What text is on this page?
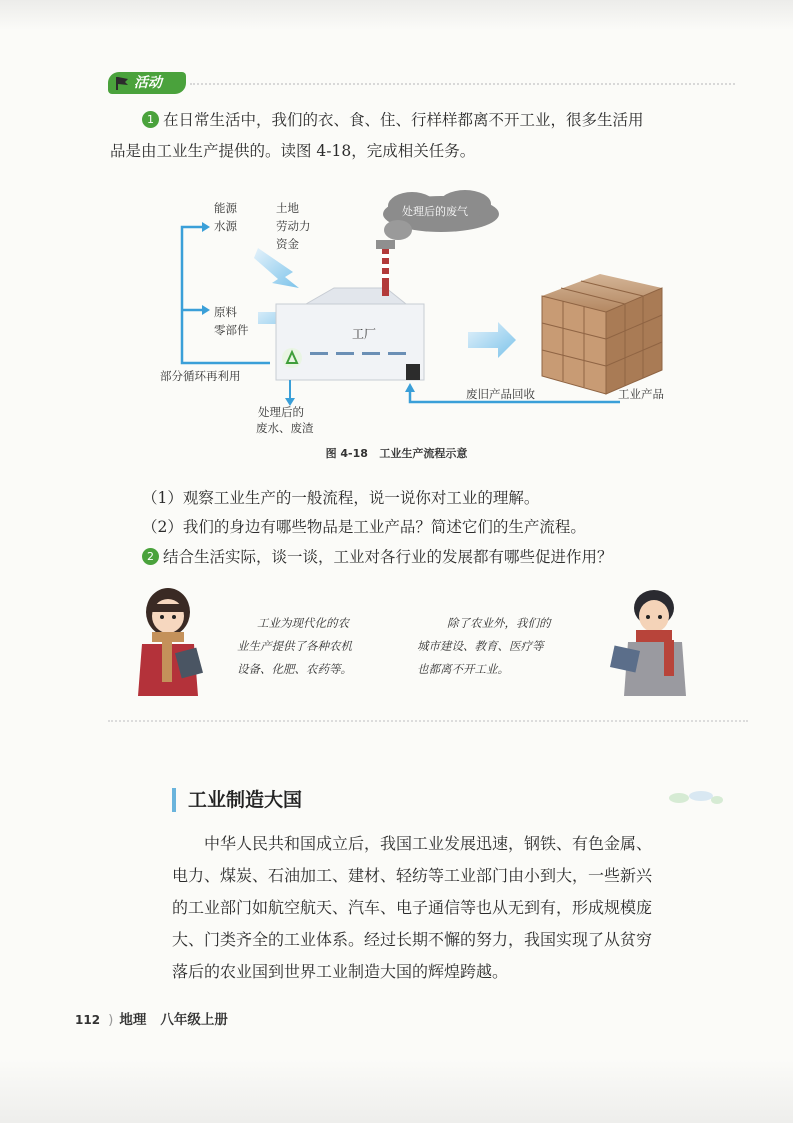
活动
1 在日常生活中，我们的衣、食、住、行样样都离不开工业，很多生活用
品是由工业生产提供的。读图 4-18，完成相关任务。
能源
水源
土地
劳动力
资金
原料
零部件	工厂
处理后的废气
部分循环再利用
处理后的
废水、废渣
废旧产品回收	工业产品
图 4-18 工业生产流程示意
（1）观察工业生产的一般流程，说一说你对工业的理解。
（2）我们的身边有哪些物品是工业产品？简述它们的生产流程。
2 结合生活实际，谈一谈，工业对各行业的发展都有哪些促进作用？
工业为现代化的农
业生产提供了各种农机
设备、化肥、农药等。
除了农业外，我们的
城市建设、教育、医疗等
也都离不开工业。
工业制造大国

中华人民共和国成立后，我国工业发展迅速，钢铁、有色金属、

电力、煤炭、石油加工、建材、轻纺等工业部门由小到大，一些新兴

的工业部门如航空航天、汽车、电子通信等也从无到有，形成规模庞

大、门类齐全的工业体系。经过长期不懈的努力，我国实现了从贫穷

落后的农业国到世界工业制造大国的辉煌跨越。

112 ) 地理 八年级上册
